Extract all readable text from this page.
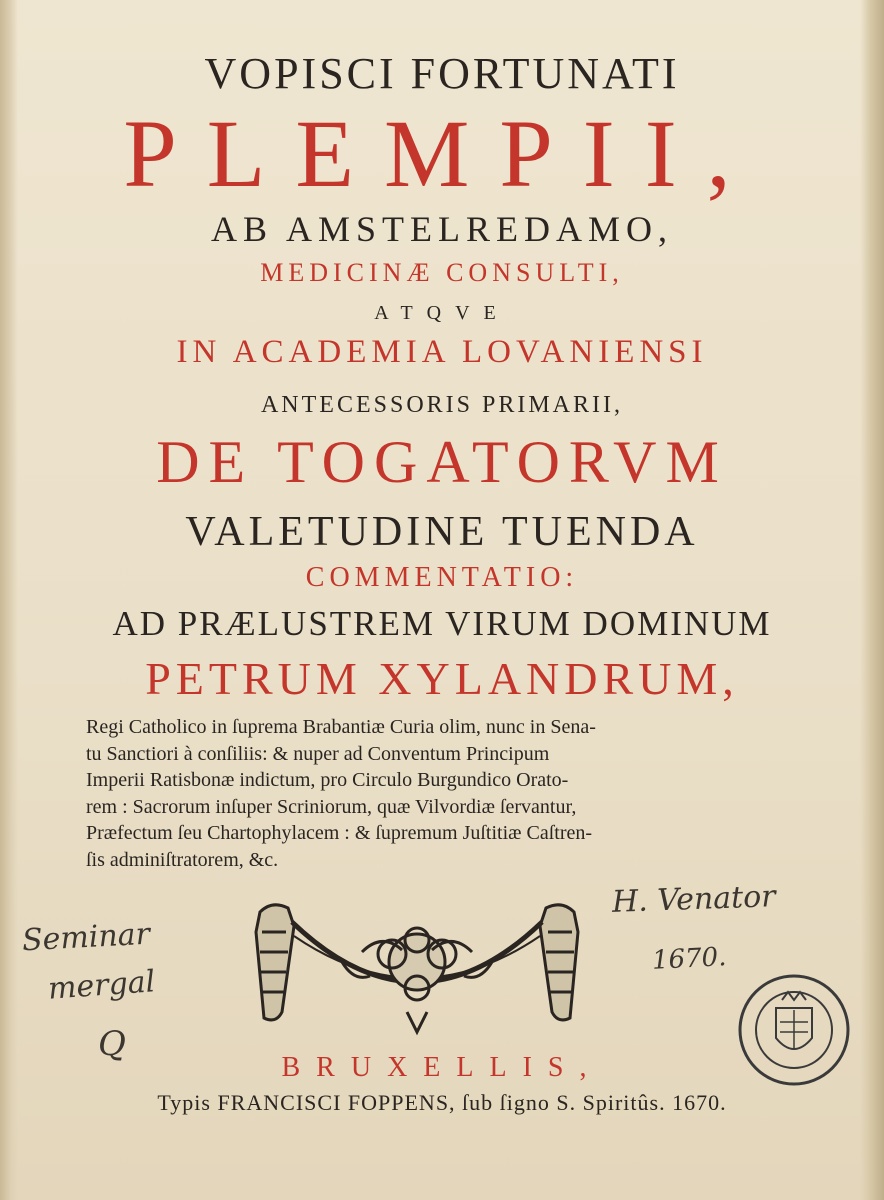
VOPISCI FORTUNATI

PLEMPII,

AB AMSTELREDAMO,

MEDICINÆ CONSULTI,

ATQVE

IN ACADEMIA LOVANIENSI

ANTECESSORIS PRIMARII,

DE TOGATORVM

VALETUDINE TUENDA

COMMENTATIO:

AD PRÆLUSTREM VIRUM DOMINUM

PETRUM XYLANDRUM,

Regi Catholico in ſuprema Brabantiæ Curia olim, nunc in Sena-
tu Sanctiori à conſiliis: & nuper ad Conventum Principum
Imperii Ratisbonæ indictum, pro Circulo Burgundico Orato-
rem : Sacrorum inſuper Scriniorum, quæ Vilvordiæ ſervantur,
Præfectum ſeu Chartophylacem : & ſupremum Juſtitiæ Caſtren-
ſis adminiſtratorem, &c.
Seminar
mergal
Q
H. Venator
1670.

BRUXELLIS,

Typis FRANCISCI FOPPENS, ſub ſigno S. Spiritûs. 1670.
